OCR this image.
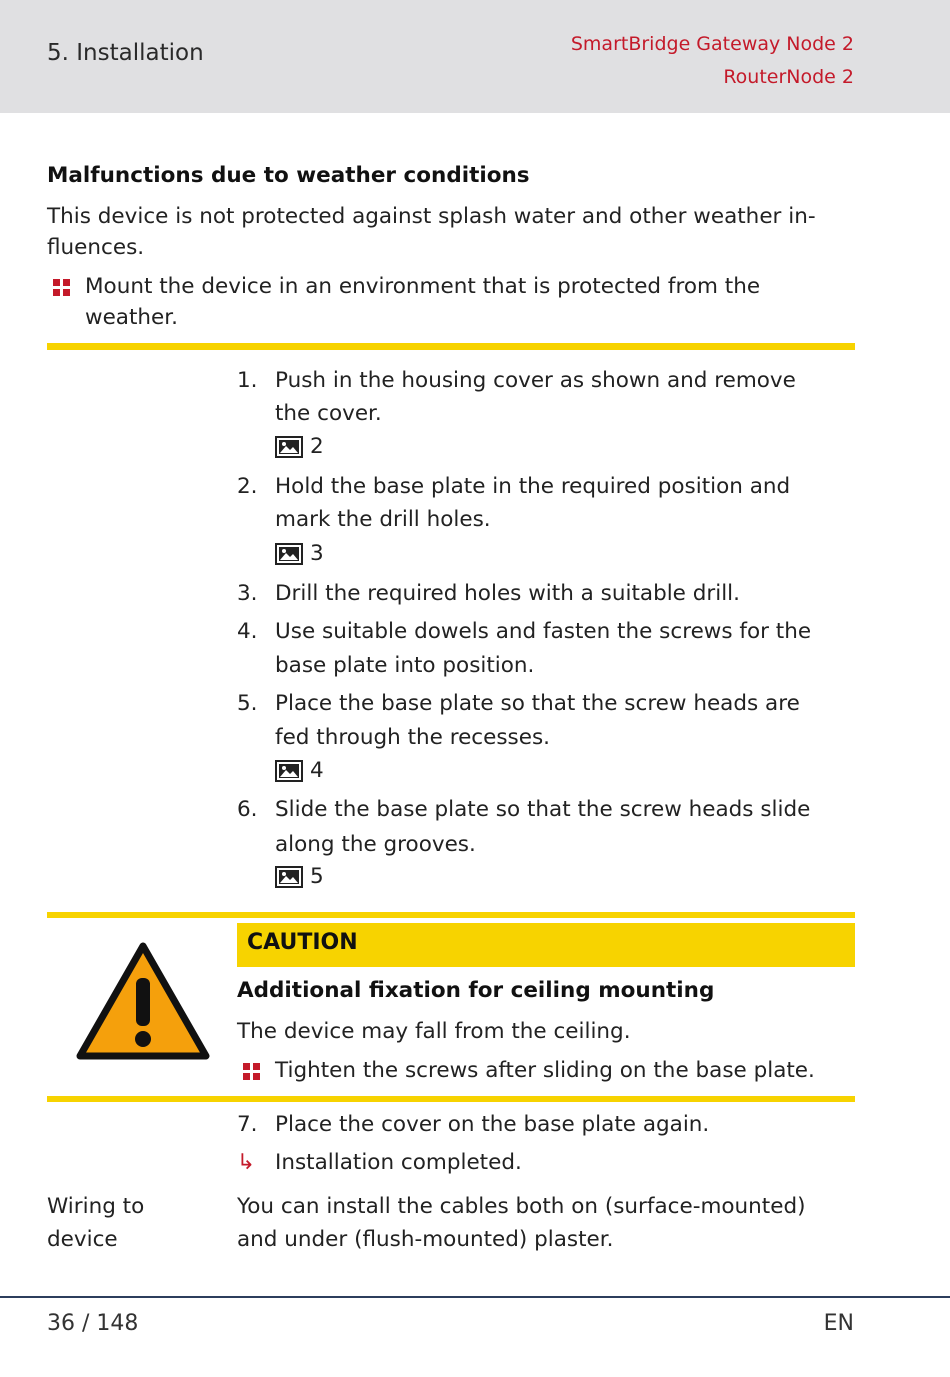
5. Installation	SmartBridge Gateway Node 2
RouterNode 2
Malfunctions due to weather conditions
This device is not protected against splash water and other weather in-
fluences.
Mount the device in an environment that is protected from the
weather.
1. Push in the housing cover as shown and remove
the cover.
2
2. Hold the base plate in the required position and
mark the drill holes.
3
3. Drill the required holes with a suitable drill.
4. Use suitable dowels and fasten the screws for the
base plate into position.
5. Place the base plate so that the screw heads are
fed through the recesses.
4
6. Slide the base plate so that the screw heads slide
along the grooves.
5
CAUTION
Additional fixation for ceiling mounting
The device may fall from the ceiling.
Tighten the screws after sliding on the base plate.
7. Place the cover on the base plate again.
↳ Installation completed.
Wiring to
device
You can install the cables both on (surface-mounted)
and under (flush-mounted) plaster.
36 / 148	EN
